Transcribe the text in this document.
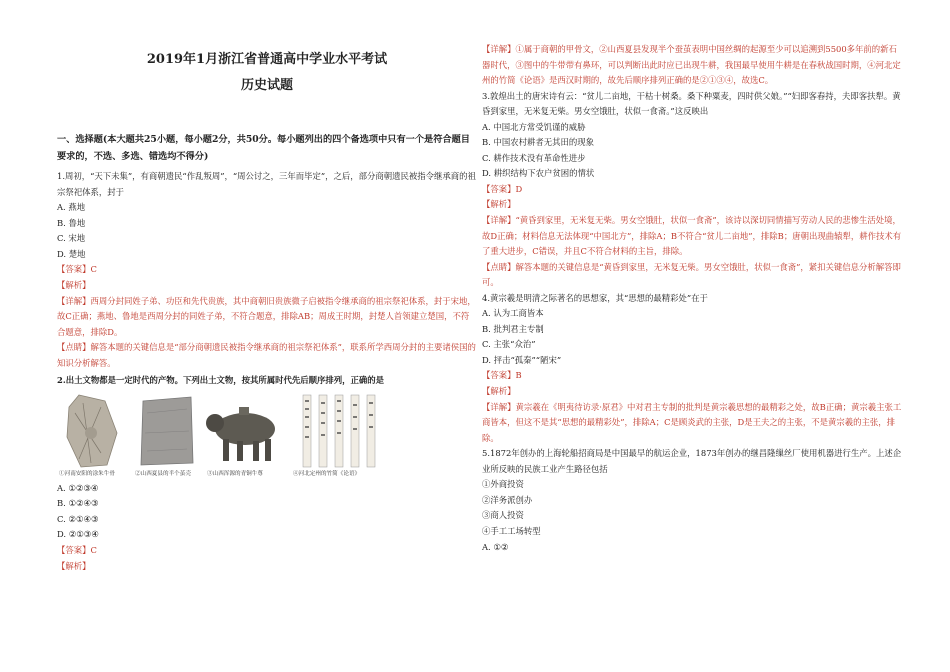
2019年1月浙江省普通高中学业水平考试
历史试题

一、选择题(本大题共25小题，每小题2分，共50分。每小题列出的四个备选项中只有一个是符合题目要求的，不选、多选、错选均不得分)

1.周初，“天下未集”，有商朝遗民“作乱叛周”，“周公讨之，三年而毕定”，之后，部分商朝遗民被指令继承商的祖宗祭祀体系，封于

A. 燕地

B. 鲁地

C. 宋地

D. 楚地

【答案】C

【解析】

【详解】西周分封同姓子弟、功臣和先代贵族，其中商朝旧贵族微子启被指令继承商的祖宗祭祀体系，封于宋地，故C正确；燕地、鲁地是西周分封的同姓子弟，不符合题意，排除AB；周成王时期，封楚人首领建立楚国，不符合题意，排除D。

【点睛】解答本题的关键信息是“部分商朝遗民被指令继承商的祖宗祭祀体系”，联系所学西周分封的主要诸侯国的知识分析解答。

2.出土文物都是一定时代的产物。下列出土文物，按其所属时代先后顺序排列，正确的是

①河南安阳的涂朱牛骨	②山西夏县的半个茧壳	③山西浑源的青铜牛尊	④河北定州的竹简《论语》

A. ①②③④

B. ①②④③

C. ②①④③

D. ②①③④

【答案】C

【解析】

【详解】①属于商朝的甲骨文，②山西夏县发现半个蚕茧表明中国丝绸的起源至少可以追溯到5500多年前的新石器时代，③图中的牛带带有鼻环，可以判断出此时应已出现牛耕，我国最早使用牛耕是在春秋战国时期，④河北定州的竹简《论语》是西汉时期的，故先后顺序排列正确的是②①③④，故选C。

3.敦煌出土的唐宋诗有云：“贫儿二亩地，干枯十树桑。桑下种粟麦，四时供父娘。”“妇即客舂持，夫即客扶犁。黄昏到家里，无米复无柴。男女空饿肚，状似一食斋。”这反映出

A. 中国北方常受饥谨的威胁

B. 中国农村耕者无其田的现象

C. 耕作技术没有革命性进步

D. 耕织结构下农户贫困的情状

【答案】D

【解析】

【详解】“黄昏到家里，无米复无柴。男女空饿肚，状似一食斋”，该诗以深切同情描写劳动人民的悲惨生活处境，故D正确；材料信息无法体现“中国北方”，排除A；B不符合“贫儿二亩地”，排除B；唐朝出现曲辕犁，耕作技术有了重大进步，C错误，并且C不符合材料的主旨，排除。

【点睛】解答本题的关键信息是“黄昏到家里，无米复无柴。男女空饿肚，状似一食斋”，紧扣关键信息分析解答即可。

4.黄宗羲是明清之际著名的思想家，其“思想的最精彩处”在于

A. 认为工商皆本

B. 批判君主专制

C. 主张“众治”

D. 抨击“孤秦”“陋宋”

【答案】B

【解析】

【详解】黄宗羲在《明夷待访录·原君》中对君主专制的批判是黄宗羲思想的最精彩之处，故B正确；黄宗羲主张工商皆本，但这不是其“思想的最精彩处”，排除A；C是顾炎武的主张，D是王夫之的主张，不是黄宗羲的主张，排除。

5.1872年创办的上海轮船招商局是中国最早的航运企业，1873年创办的继昌隆缫丝厂使用机器进行生产。上述企业所反映的民族工业产生路径包括

①外商投资

②洋务派创办

③商人投资

④手工工场转型

A. ①②
